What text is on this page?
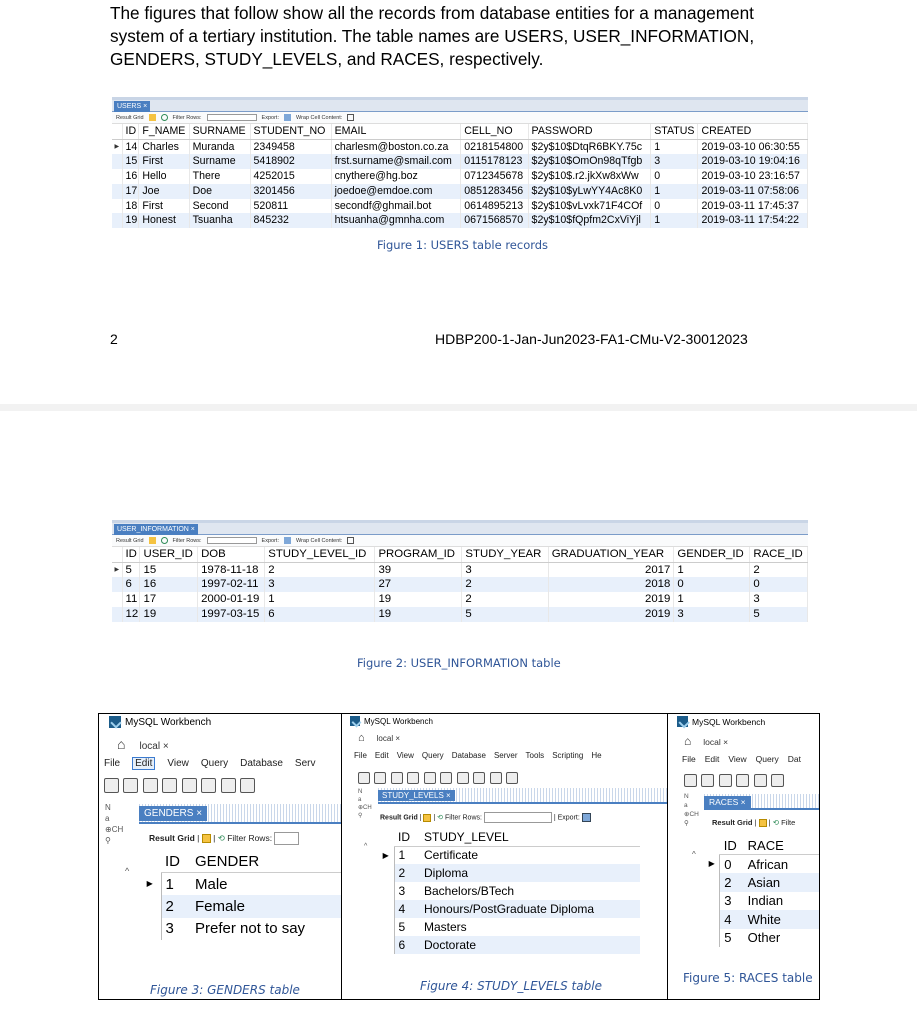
The figures that follow show all the records from database entities for a management system of a tertiary institution. The table names are USERS, USER_INFORMATION, GENDERS, STUDY_LEVELS, and RACES, respectively.

USERS ×
Result Grid	Filter Rows:	Export:	Wrap Cell Content:
	ID	F_NAME	SURNAME	STUDENT_NO	EMAIL	CELL_NO	PASSWORD	STATUS	CREATED
▶	14	Charles	Muranda	2349458	charlesm@boston.co.za	0218154800	$2y$10$DtqR6BKY.75c	1	2019-03-10 06:30:55
	15	First	Surname	5418902	frst.surname@smail.com	0115178123	$2y$10$OmOn98qTfgb	3	2019-03-10 19:04:16
	16	Hello	There	4252015	cnythere@hg.boz	0712345678	$2y$10$.r2.jkXw8xWw	0	2019-03-10 23:16:57
	17	Joe	Doe	3201456	joedoe@emdoe.com	0851283456	$2y$10$yLwYY4Ac8K0	1	2019-03-11 07:58:06
	18	First	Second	520811	secondf@ghmail.bot	0614895213	$2y$10$vLvxk71F4COf	0	2019-03-11 17:45:37
	19	Honest	Tsuanha	845232	htsuanha@gmnha.com	0671568570	$2y$10$fQpfm2CxViYjl	1	2019-03-11 17:54:22
Figure 1: USERS table records
2	HDBP200-1-Jan-Jun2023-FA1-CMu-V2-30012023
USER_INFORMATION ×
Result Grid	Filter Rows:	Export:	Wrap Cell Content:
	ID	USER_ID	DOB	STUDY_LEVEL_ID	PROGRAM_ID	STUDY_YEAR	GRADUATION_YEAR	GENDER_ID	RACE_ID
▶	5	15	1978-11-18	2	39	3	2017	1	2
	6	16	1997-02-11	3	27	2	2018	0	0
	11	17	2000-01-19	1	19	2	2019	1	3
	12	19	1997-03-15	6	19	5	2019	3	5
Figure 2: USER_INFORMATION table
MySQL Workbench
⌂ local ×
File Edit View Query Database Serv

N
a
⊕CH
⚲
GENDERS ×
Result Grid |  | ⟲ Filter Rows:
^
	ID	GENDER
▶	1	Male
	2	Female
	3	Prefer not to say
Figure 3: GENDERS table
MySQL Workbench
⌂ local ×
File Edit View Query Database Server Tools Scripting He

N
a
⊕CH
⚲
STUDY_LEVELS ×
Result Grid |  | ⟲ Filter Rows:	| Export:
^
	ID	STUDY_LEVEL
▶	1	Certificate
	2	Diploma
	3	Bachelors/BTech
	4	Honours/PostGraduate Diploma
	5	Masters
	6	Doctorate
Figure 4: STUDY_LEVELS table
MySQL Workbench
⌂ local ×
File Edit View Query Dat

N
a
⊕CH
⚲
RACES ×
Result Grid |  | ⟲ Filte
^
	ID	RACE
▶	0	African
	2	Asian
	3	Indian
	4	White
	5	Other
Figure 5: RACES table
